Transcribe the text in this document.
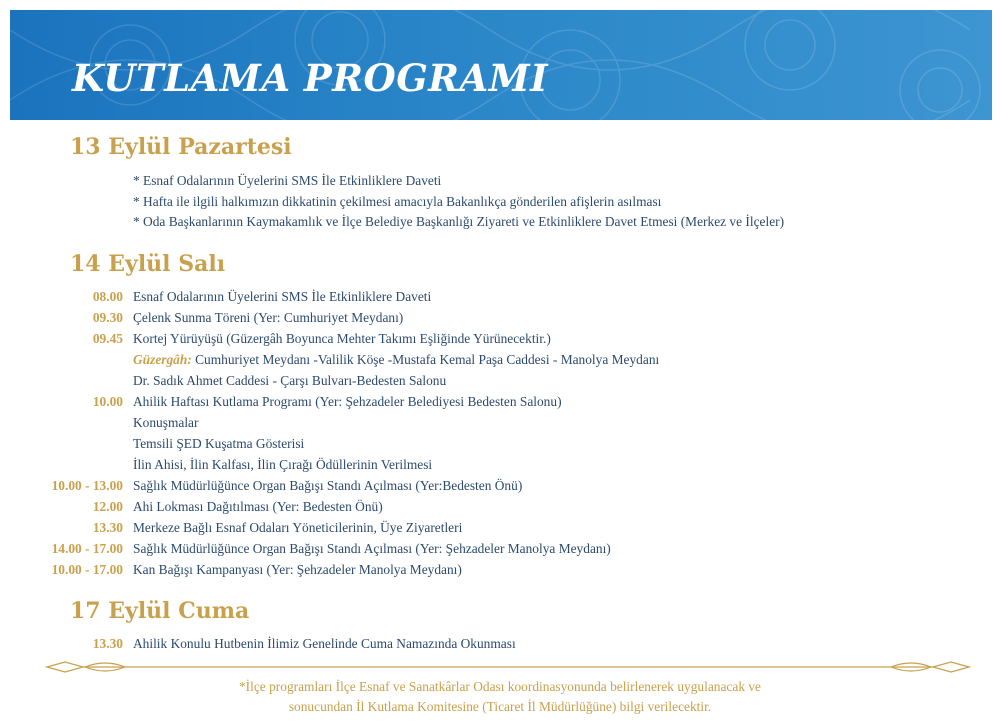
KUTLAMA PROGRAMI
13 Eylül Pazartesi
* Esnaf Odalarının Üyelerini SMS İle Etkinliklere Daveti
* Hafta ile ilgili halkımızın dikkatinin çekilmesi amacıyla Bakanlıkça gönderilen afişlerin asılması
* Oda Başkanlarının Kaymakamlık ve İlçe Belediye Başkanlığı Ziyareti ve Etkinliklere Davet Etmesi (Merkez ve İlçeler)
14 Eylül Salı
08.00 Esnaf Odalarının Üyelerini SMS İle Etkinliklere Daveti
09.30 Çelenk Sunma Töreni (Yer: Cumhuriyet Meydanı)
09.45 Kortej Yürüyüşü (Güzergâh Boyunca Mehter Takımı Eşliğinde Yürünecektir.)
Güzergâh: Cumhuriyet Meydanı -Valilik Köşe -Mustafa Kemal Paşa Caddesi - Manolya Meydanı
Dr. Sadık Ahmet Caddesi - Çarşı Bulvarı-Bedesten Salonu
10.00 Ahilik Haftası Kutlama Programı (Yer: Şehzadeler Belediyesi Bedesten Salonu)
Konuşmalar
Temsili ŞED Kuşatma Gösterisi
İlin Ahisi, İlin Kalfası, İlin Çırağı Ödüllerinin Verilmesi
10.00 - 13.00 Sağlık Müdürlüğünce Organ Bağışı Standı Açılması (Yer:Bedesten Önü)
12.00 Ahi Lokması Dağıtılması (Yer: Bedesten Önü)
13.30 Merkeze Bağlı Esnaf Odaları Yöneticilerinin, Üye Ziyaretleri
14.00 - 17.00 Sağlık Müdürlüğünce Organ Bağışı Standı Açılması (Yer: Şehzadeler Manolya Meydanı)
10.00 - 17.00 Kan Bağışı Kampanyası (Yer: Şehzadeler Manolya Meydanı)
17 Eylül Cuma
13.30 Ahilik Konulu Hutbenin İlimiz Genelinde Cuma Namazında Okunması
*İlçe programları İlçe Esnaf ve Sanatkârlar Odası koordinasyonunda belirlenerek uygulanacak ve
sonucundan İl Kutlama Komitesine (Ticaret İl Müdürlüğüne) bilgi verilecektir.
